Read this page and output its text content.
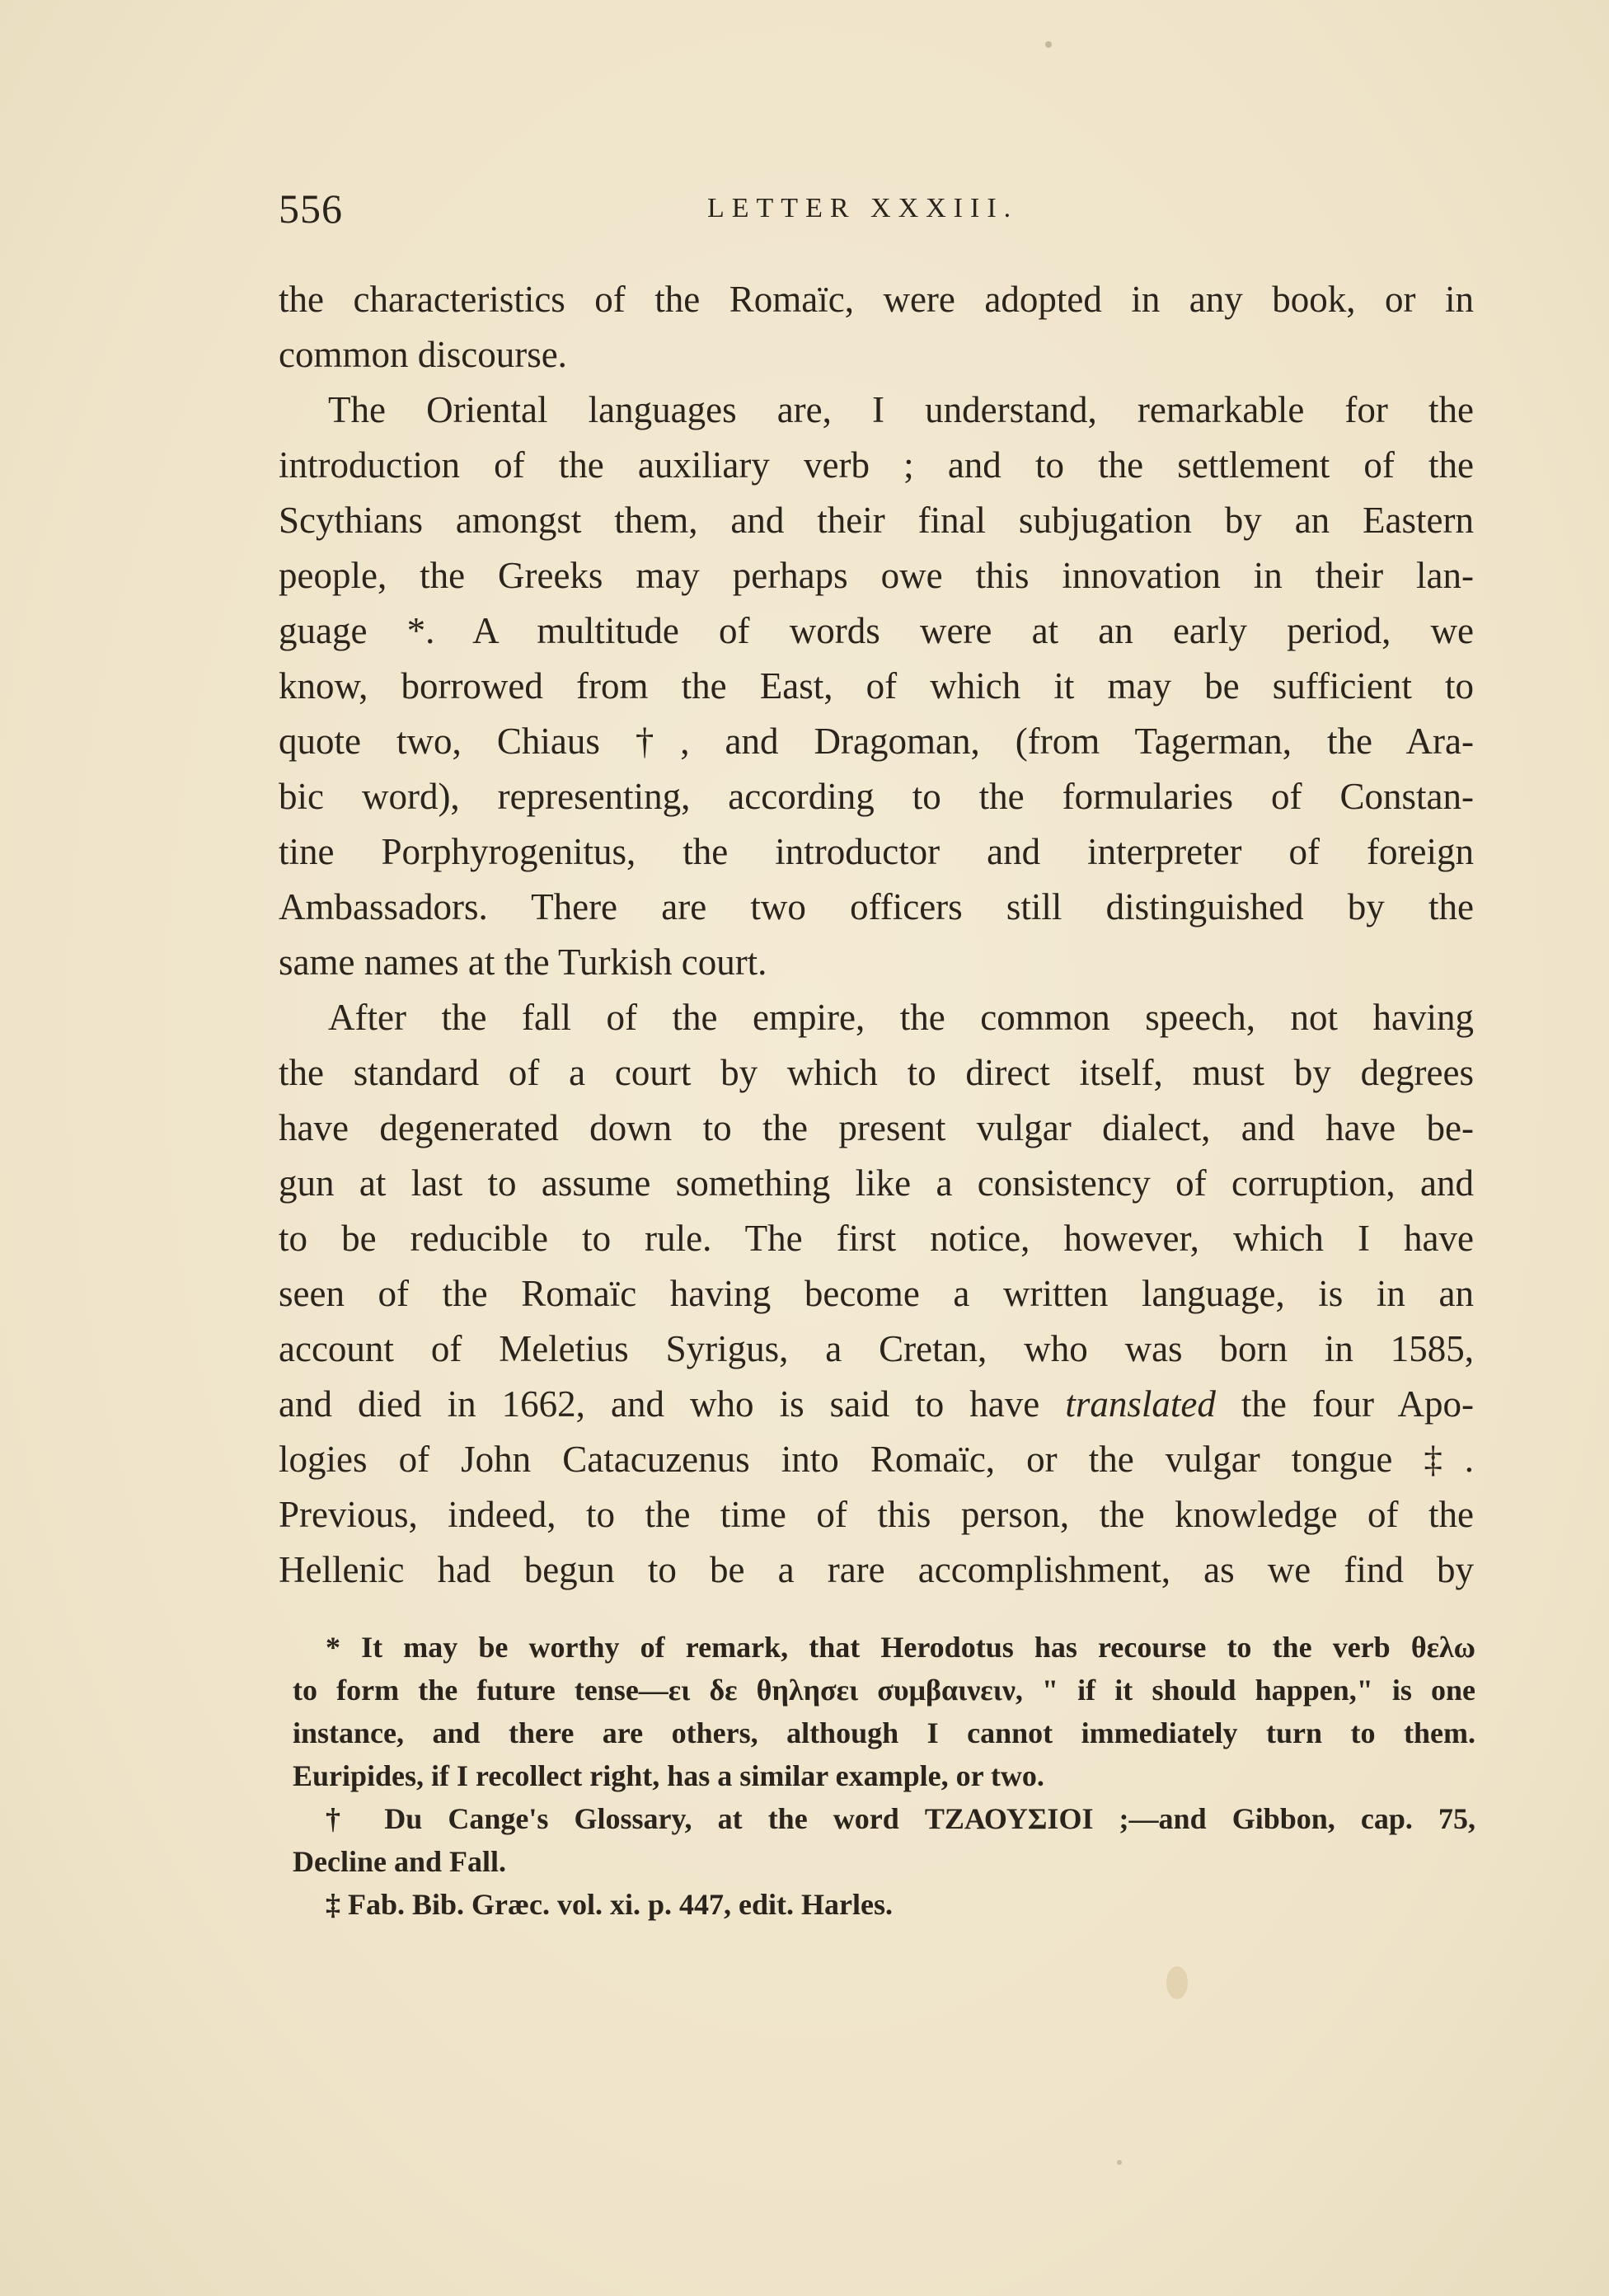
556	LETTER XXXIII.
the characteristics of the Romaïc, were adopted in any book, or in
common discourse.
The Oriental languages are, I understand, remarkable for the
introduction of the auxiliary verb ; and to the settlement of the
Scythians amongst them, and their final subjugation by an Eastern
people, the Greeks may perhaps owe this innovation in their lan-
guage *. A multitude of words were at an early period, we
know, borrowed from the East, of which it may be sufficient to
quote two, Chiaus †, and Dragoman, (from Tagerman, the Ara-
bic word), representing, according to the formularies of Constan-
tine Porphyrogenitus, the introductor and interpreter of foreign
Ambassadors. There are two officers still distinguished by the
same names at the Turkish court.
After the fall of the empire, the common speech, not having
the standard of a court by which to direct itself, must by degrees
have degenerated down to the present vulgar dialect, and have be-
gun at last to assume something like a consistency of corruption, and
to be reducible to rule. The first notice, however, which I have
seen of the Romaïc having become a written language, is in an
account of Meletius Syrigus, a Cretan, who was born in 1585,
and died in 1662, and who is said to have translated the four Apo-
logies of John Catacuzenus into Romaïc, or the vulgar tongue ‡.
Previous, indeed, to the time of this person, the knowledge of the
Hellenic had begun to be a rare accomplishment, as we find by
* It may be worthy of remark, that Herodotus has recourse to the verb θελω
to form the future tense—ει δε θηλησει συμβαινειν, " if it should happen," is one
instance, and there are others, although I cannot immediately turn to them.
Euripides, if I recollect right, has a similar example, or two.
† Du Cange's Glossary, at the word ΤΖΑΟΥΣΙΟΙ ;—and Gibbon, cap. 75,
Decline and Fall.
‡ Fab. Bib. Græc. vol. xi. p. 447, edit. Harles.
